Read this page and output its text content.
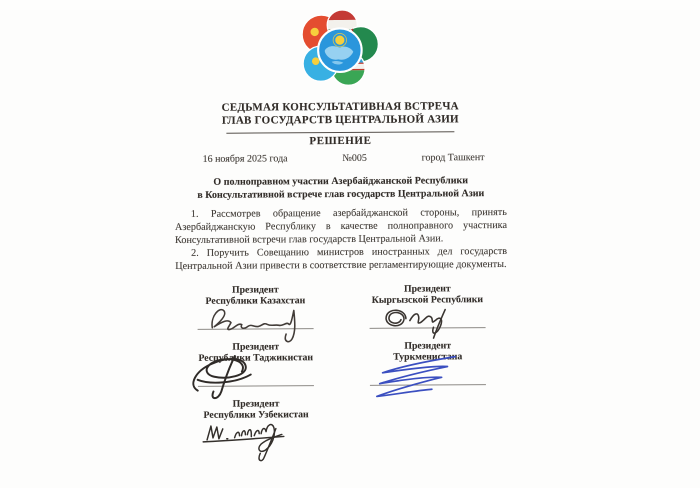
СЕДЬМАЯ КОНСУЛЬТАТИВНАЯ ВСТРЕЧА
ГЛАВ ГОСУДАРСТВ ЦЕНТРАЛЬНОЙ АЗИИ
РЕШЕНИЕ
16 ноября 2025 года	№005	город Ташкент
О полноправном участии Азербайджанской Республики
в Консультативной встрече глав государств Центральной Азии

1. Рассмотрев обращение азербайджанской стороны, принять Азербайджанскую Республику в качестве полноправного участника Консультативной встречи глав государств Центральной Азии.

2. Поручить Совещанию министров иностранных дел государств Центральной Азии привести в соответствие регламентирующие документы.

Президент
Республики Казахстан
Президент
Кыргызской Республики
Президент
Республики Таджикистан
Президент
Туркменистана
Президент
Республики Узбекистан
